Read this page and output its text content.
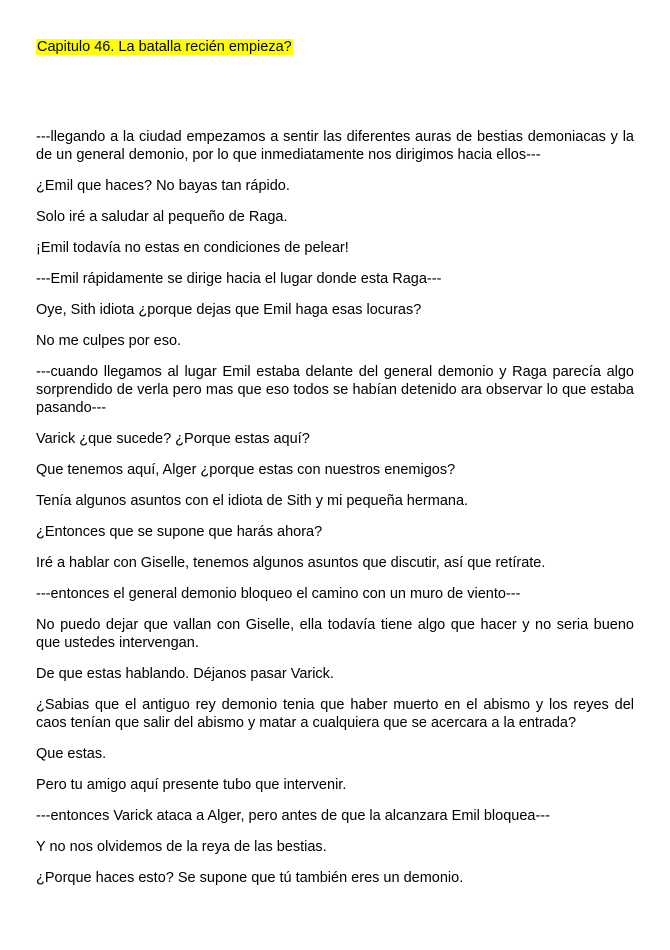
Capitulo 46. La batalla recién empieza?

---llegando a la ciudad empezamos a sentir las diferentes auras de bestias demoniacas y la de un general demonio, por lo que inmediatamente nos dirigimos hacia ellos---

¿Emil que haces? No bayas tan rápido.

Solo iré a saludar al pequeño de Raga.

¡Emil todavía no estas en condiciones de pelear!

---Emil rápidamente se dirige hacia el lugar donde esta Raga---

Oye, Sith idiota ¿porque dejas que Emil haga esas locuras?

No me culpes por eso.

---cuando llegamos al lugar Emil estaba delante del general demonio y Raga parecía algo sorprendido de verla pero mas que eso todos se habían detenido ara observar lo que estaba pasando---

Varick ¿que sucede? ¿Porque estas aquí?

Que tenemos aquí, Alger ¿porque estas con nuestros enemigos?

Tenía algunos asuntos con el idiota de Sith y mi pequeña hermana.

¿Entonces que se supone que harás ahora?

Iré a hablar con Giselle, tenemos algunos asuntos que discutir, así que retírate.

---entonces el general demonio bloqueo el camino con un muro de viento---

No puedo dejar que vallan con Giselle, ella todavía tiene algo que hacer y no seria bueno que ustedes intervengan.

De que estas hablando. Déjanos pasar Varick.

¿Sabias que el antiguo rey demonio tenia que haber muerto en el abismo y los reyes del caos tenían que salir del abismo y matar a cualquiera que se acercara a la entrada?

Que estas.

Pero tu amigo aquí presente tubo que intervenir.

---entonces Varick ataca a Alger, pero antes de que la alcanzara Emil bloquea---

Y no nos olvidemos de la reya de las bestias.

¿Porque haces esto? Se supone que tú también eres un demonio.
